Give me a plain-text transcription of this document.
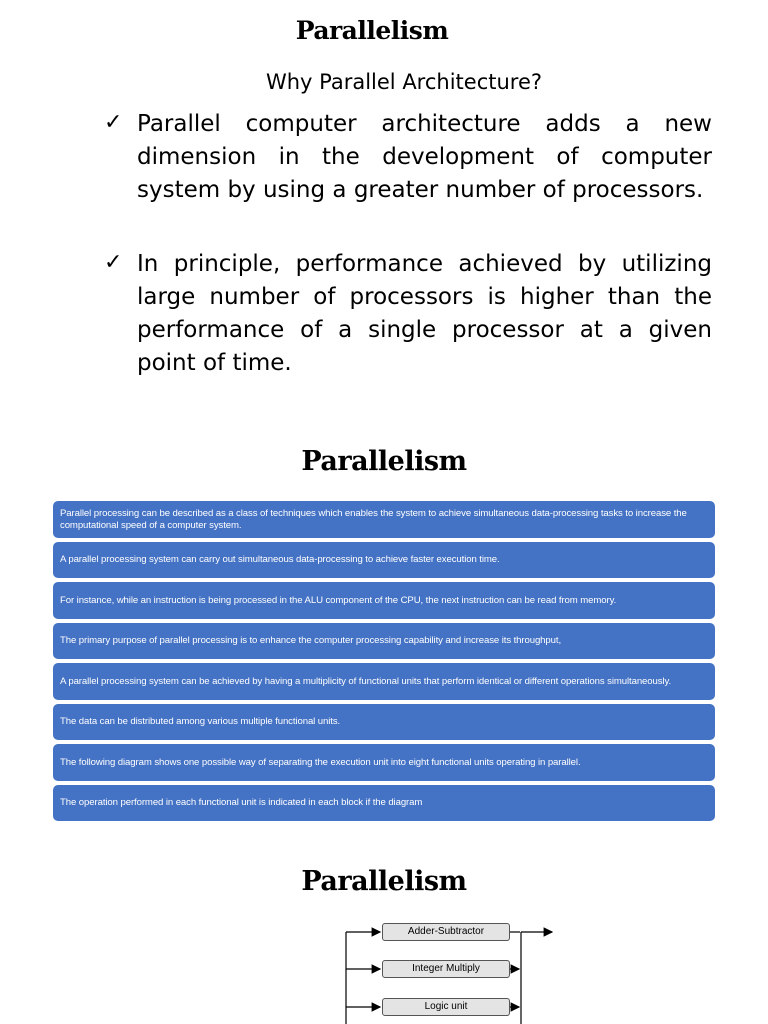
Parallelism
Why Parallel Architecture?
✓ Parallel computer architecture adds a new dimension in the development of computer system by using a greater number of processors.
✓ In principle, performance achieved by utilizing large number of processors is higher than the performance of a single processor at a given point of time.
Parallelism
Parallel processing can be described as a class of techniques which enables the system to achieve simultaneous data-processing tasks to increase the computational speed of a computer system.
A parallel processing system can carry out simultaneous data-processing to achieve faster execution time.
For instance, while an instruction is being processed in the ALU component of the CPU, the next instruction can be read from memory.
The primary purpose of parallel processing is to enhance the computer processing capability and increase its throughput,
A parallel processing system can be achieved by having a multiplicity of functional units that perform identical or different operations simultaneously.
The data can be distributed among various multiple functional units.
The following diagram shows one possible way of separating the execution unit into eight functional units operating in parallel.
The operation performed in each functional unit is indicated in each block if the diagram
Parallelism
Adder-Subtractor
Integer Multiply
Logic unit
